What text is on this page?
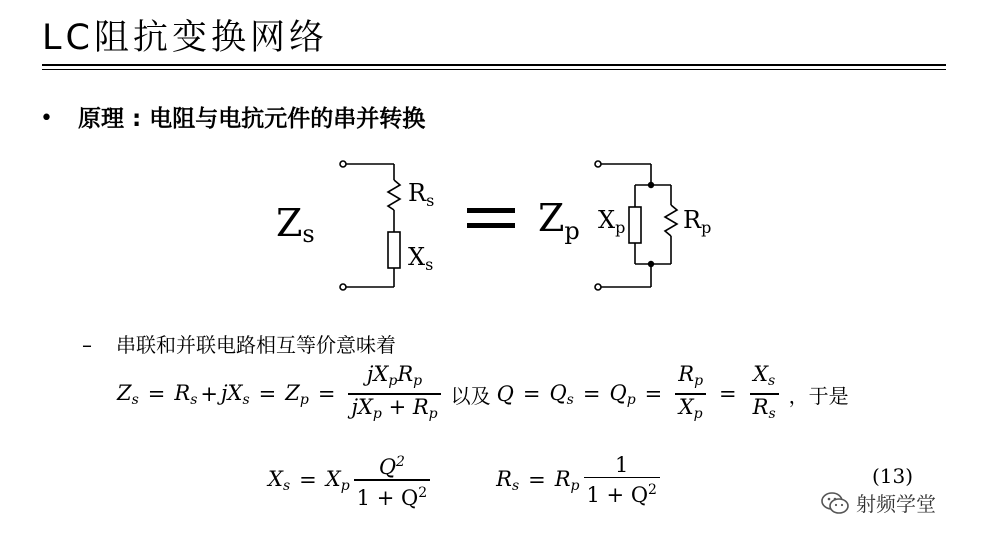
LC阻抗变换网络
• 原理 : 电阻与电抗元件的串并转换
Zs
$R_s$
$X_s$
$Z_p$ $X_p$ $R_p$
– 串联和并联电路相互等价意味着
$Z_s = R_s + jX_s = Z_p = \frac{jX_pR_p}{jX_p + R_p}$ 以及 $Q = Q_s = Q_p = \frac{R_p}{X_p} = \frac{X_s}{R_s}$ ，于是
$X_s = X_p \frac{Q^2}{1 + Q^2}$	$R_s = R_p \frac{1}{1 + Q^2}$	(13)
射频学堂
